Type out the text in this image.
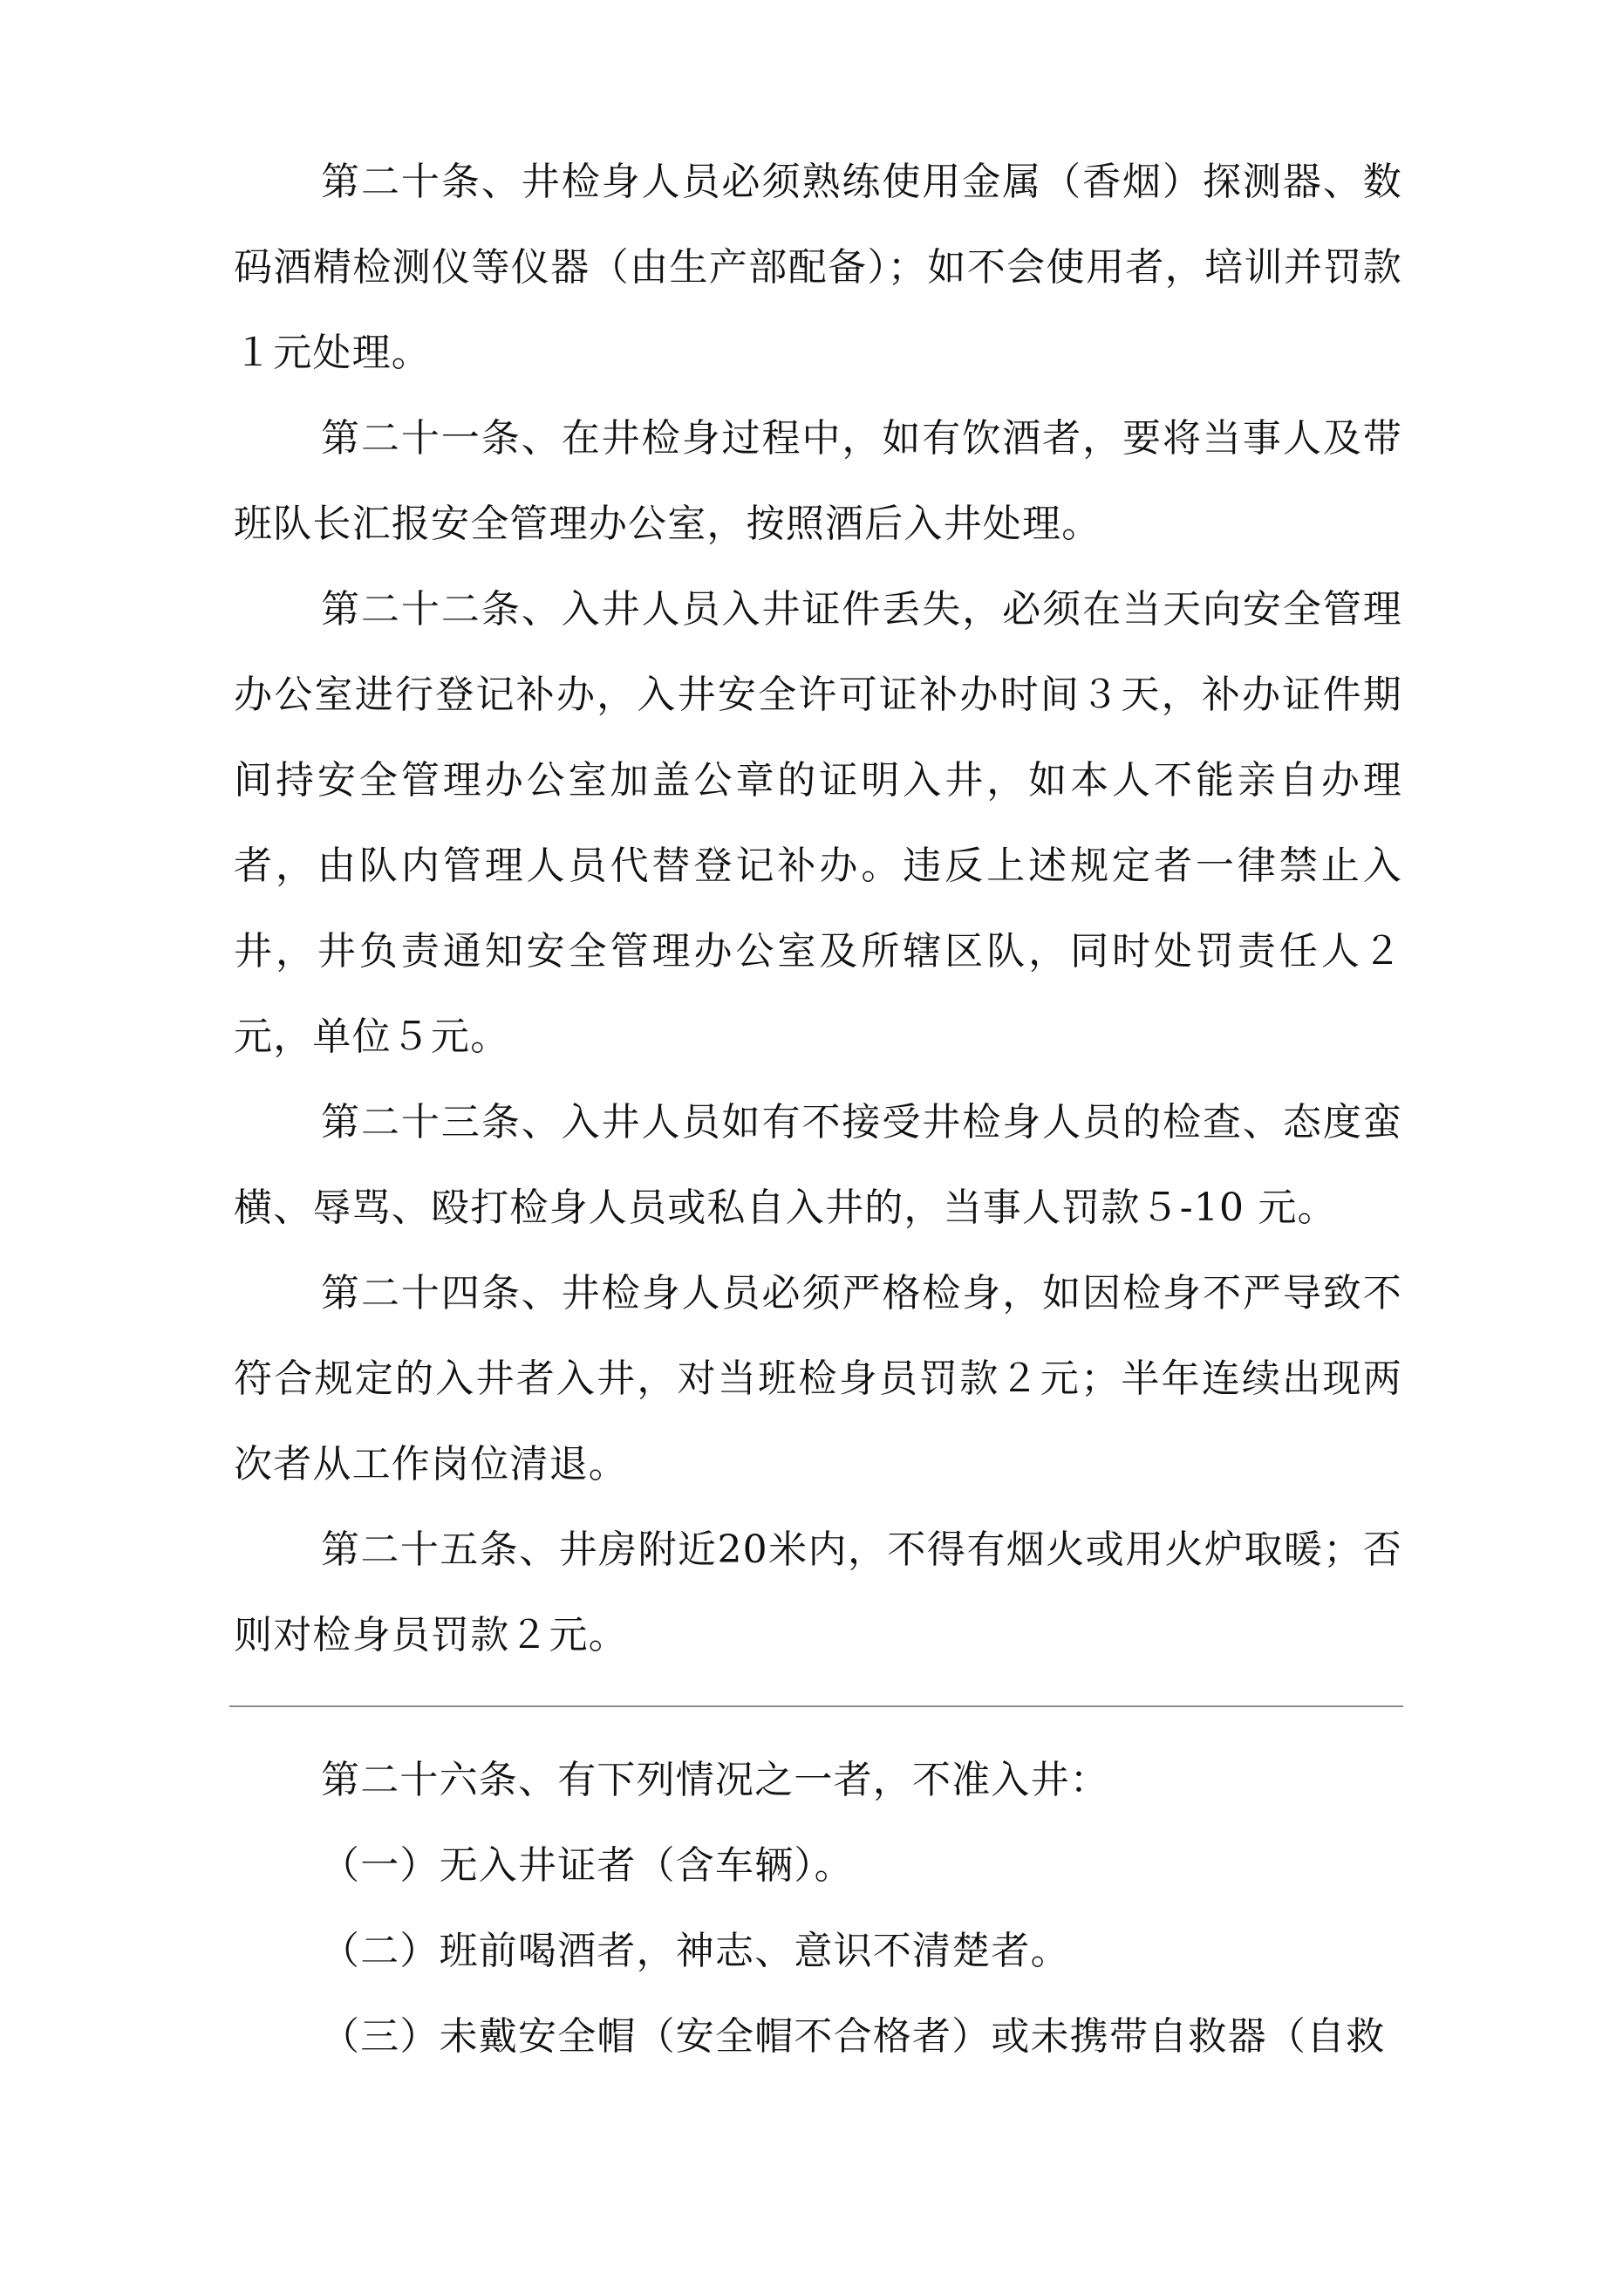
第二十条、井检身人员必须熟练使用金属（香烟）探测器、数码酒精检测仪等仪器（由生产部配备）；如不会使用者，培训并罚款１元处理。

第二十一条、在井检身过程中，如有饮酒者，要将当事人及带班队长汇报安全管理办公室，按照酒后入井处理。

第二十二条、入井人员入井证件丢失，必须在当天向安全管理办公室进行登记补办，入井安全许可证补办时间３天，补办证件期间持安全管理办公室加盖公章的证明入井，如本人不能亲自办理者，由队内管理人员代替登记补办。违反上述规定者一律禁止入井，井负责通知安全管理办公室及所辖区队，同时处罚责任人２元，单位５元。

第二十三条、入井人员如有不接受井检身人员的检查、态度蛮横、辱骂、殴打检身人员或私自入井的，当事人罚款５-10 元。

第二十四条、井检身人员必须严格检身，如因检身不严导致不符合规定的入井者入井，对当班检身员罚款２元；半年连续出现两次者从工作岗位清退。

第二十五条、井房附近20米内，不得有烟火或用火炉取暖；否则对检身员罚款２元。

第二十六条、有下列情况之一者，不准入井：

（一）无入井证者（含车辆）。

（二）班前喝酒者，神志、意识不清楚者。

（三）未戴安全帽（安全帽不合格者）或未携带自救器（自救
